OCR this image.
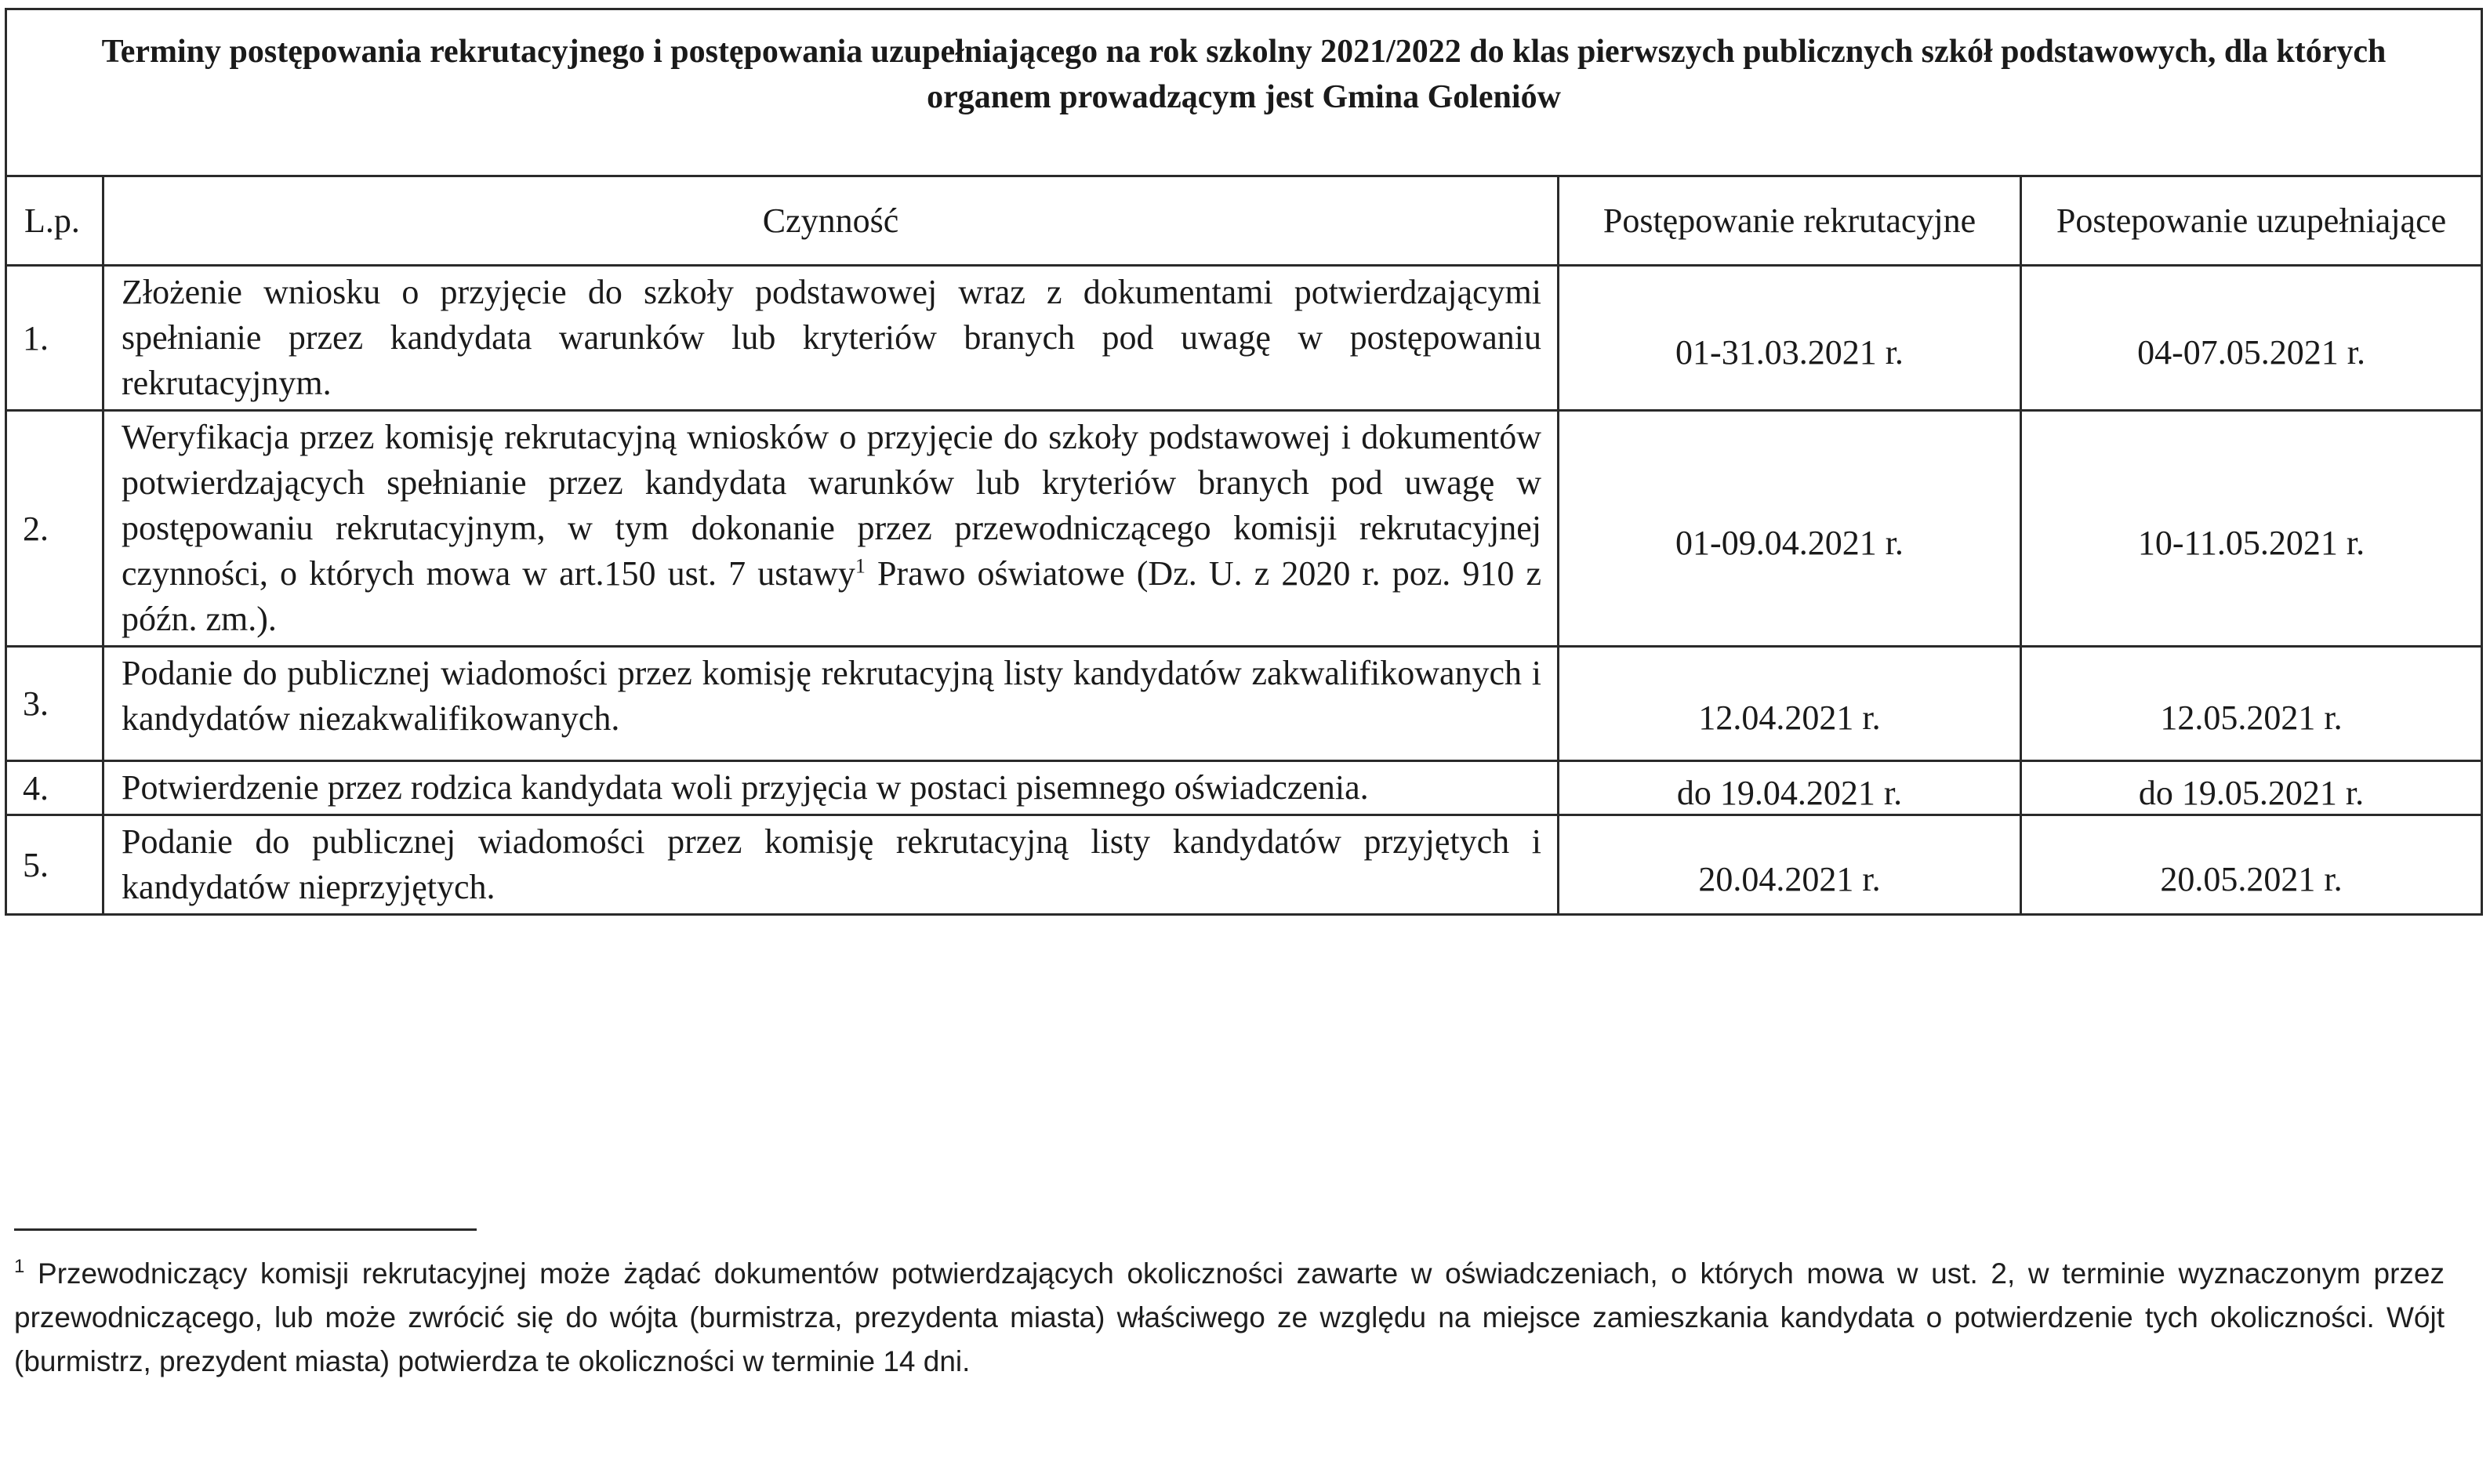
Terminy postępowania rekrutacyjnego i postępowania uzupełniającego na rok szkolny 2021/2022 do klas pierwszych publicznych szkół podstawowych, dla których organem prowadzącym jest Gmina Goleniów			
L.p.	Czynność	Postępowanie rekrutacyjne	Postepowanie uzupełniające
1.	Złożenie wniosku o przyjęcie do szkoły podstawowej wraz z dokumentami potwierdzającymi spełnianie przez kandydata warunków lub kryteriów branych pod uwagę w postępowaniu rekrutacyjnym.	01-31.03.2021 r.	04-07.05.2021 r.
2.	Weryfikacja przez komisję rekrutacyjną wniosków o przyjęcie do szkoły podstawowej i dokumentów potwierdzających spełnianie przez kandydata warunków lub kryteriów branych pod uwagę w postępowaniu rekrutacyjnym, w tym dokonanie przez przewodniczącego komisji rekrutacyjnej czynności, o których mowa w art.150 ust. 7 ustawy$^1$ Prawo oświatowe (Dz. U. z 2020 r. poz. 910 z późn. zm.).	01-09.04.2021 r.	10-11.05.2021 r.
3.	Podanie do publicznej wiadomości przez komisję rekrutacyjną listy kandydatów zakwalifikowanych i kandydatów niezakwalifikowanych.	12.04.2021 r.	12.05.2021 r.
4.	Potwierdzenie przez rodzica kandydata woli przyjęcia w postaci pisemnego oświadczenia.	do 19.04.2021 r.	do 19.05.2021 r.
5.	Podanie do publicznej wiadomości przez komisję rekrutacyjną listy kandydatów przyjętych i kandydatów nieprzyjętych.	20.04.2021 r.	20.05.2021 r.
$^1$ Przewodniczący komisji rekrutacyjnej może żądać dokumentów potwierdzających okoliczności zawarte w oświadczeniach, o których mowa w ust. 2, w terminie wyznaczonym przez przewodniczącego, lub może zwrócić się do wójta (burmistrza, prezydenta miasta) właściwego ze względu na miejsce zamieszkania kandydata o potwierdzenie tych okoliczności. Wójt (burmistrz, prezydent miasta) potwierdza te okoliczności w terminie 14 dni.
